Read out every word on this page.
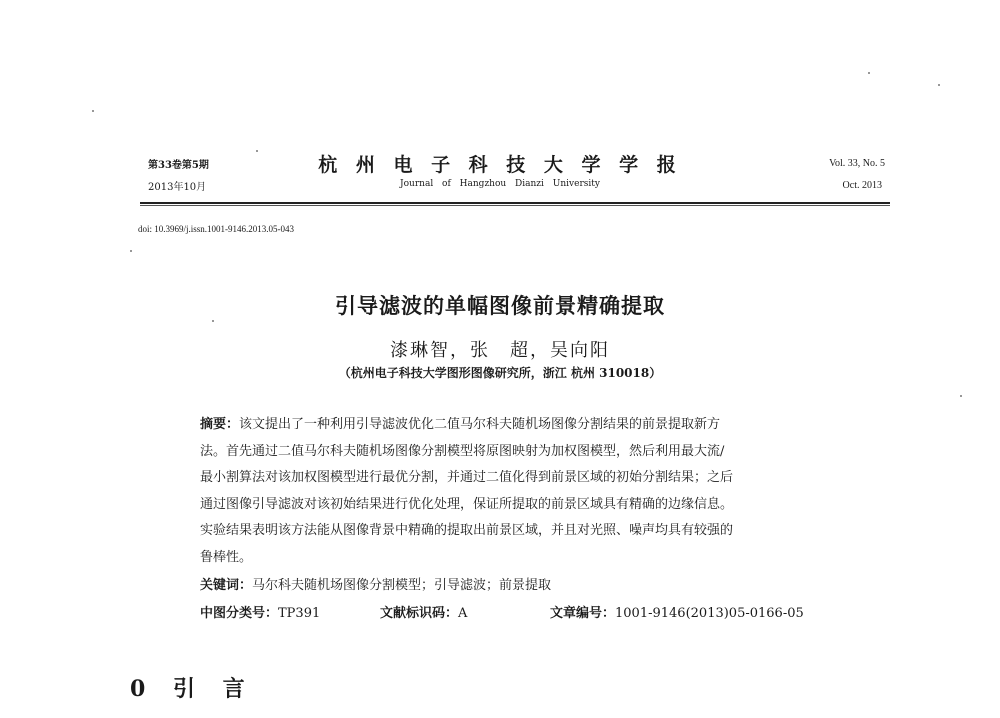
第33卷第5期
2013年10月
杭 州 电 子 科 技 大 学 学 报
Journal of Hangzhou Dianzi University
Vol. 33, No. 5
Oct. 2013
doi: 10.3969/j.issn.1001-9146.2013.05-043
引导滤波的单幅图像前景精确提取
漆琳智，张　超，吴向阳
（杭州电子科技大学图形图像研究所，浙江 杭州 310018）
摘要：该文提出了一种利用引导滤波优化二值马尔科夫随机场图像分割结果的前景提取新方
法。首先通过二值马尔科夫随机场图像分割模型将原图映射为加权图模型，然后利用最大流/
最小割算法对该加权图模型进行最优分割，并通过二值化得到前景区域的初始分割结果；之后
通过图像引导滤波对该初始结果进行优化处理，保证所提取的前景区域具有精确的边缘信息。
实验结果表明该方法能从图像背景中精确的提取出前景区域，并且对光照、噪声均具有较强的
鲁棒性。
关键词：马尔科夫随机场图像分割模型；引导滤波；前景提取
中图分类号：TP391	文献标识码：A	文章编号：1001-9146(2013)05-0166-05
0 引 言
